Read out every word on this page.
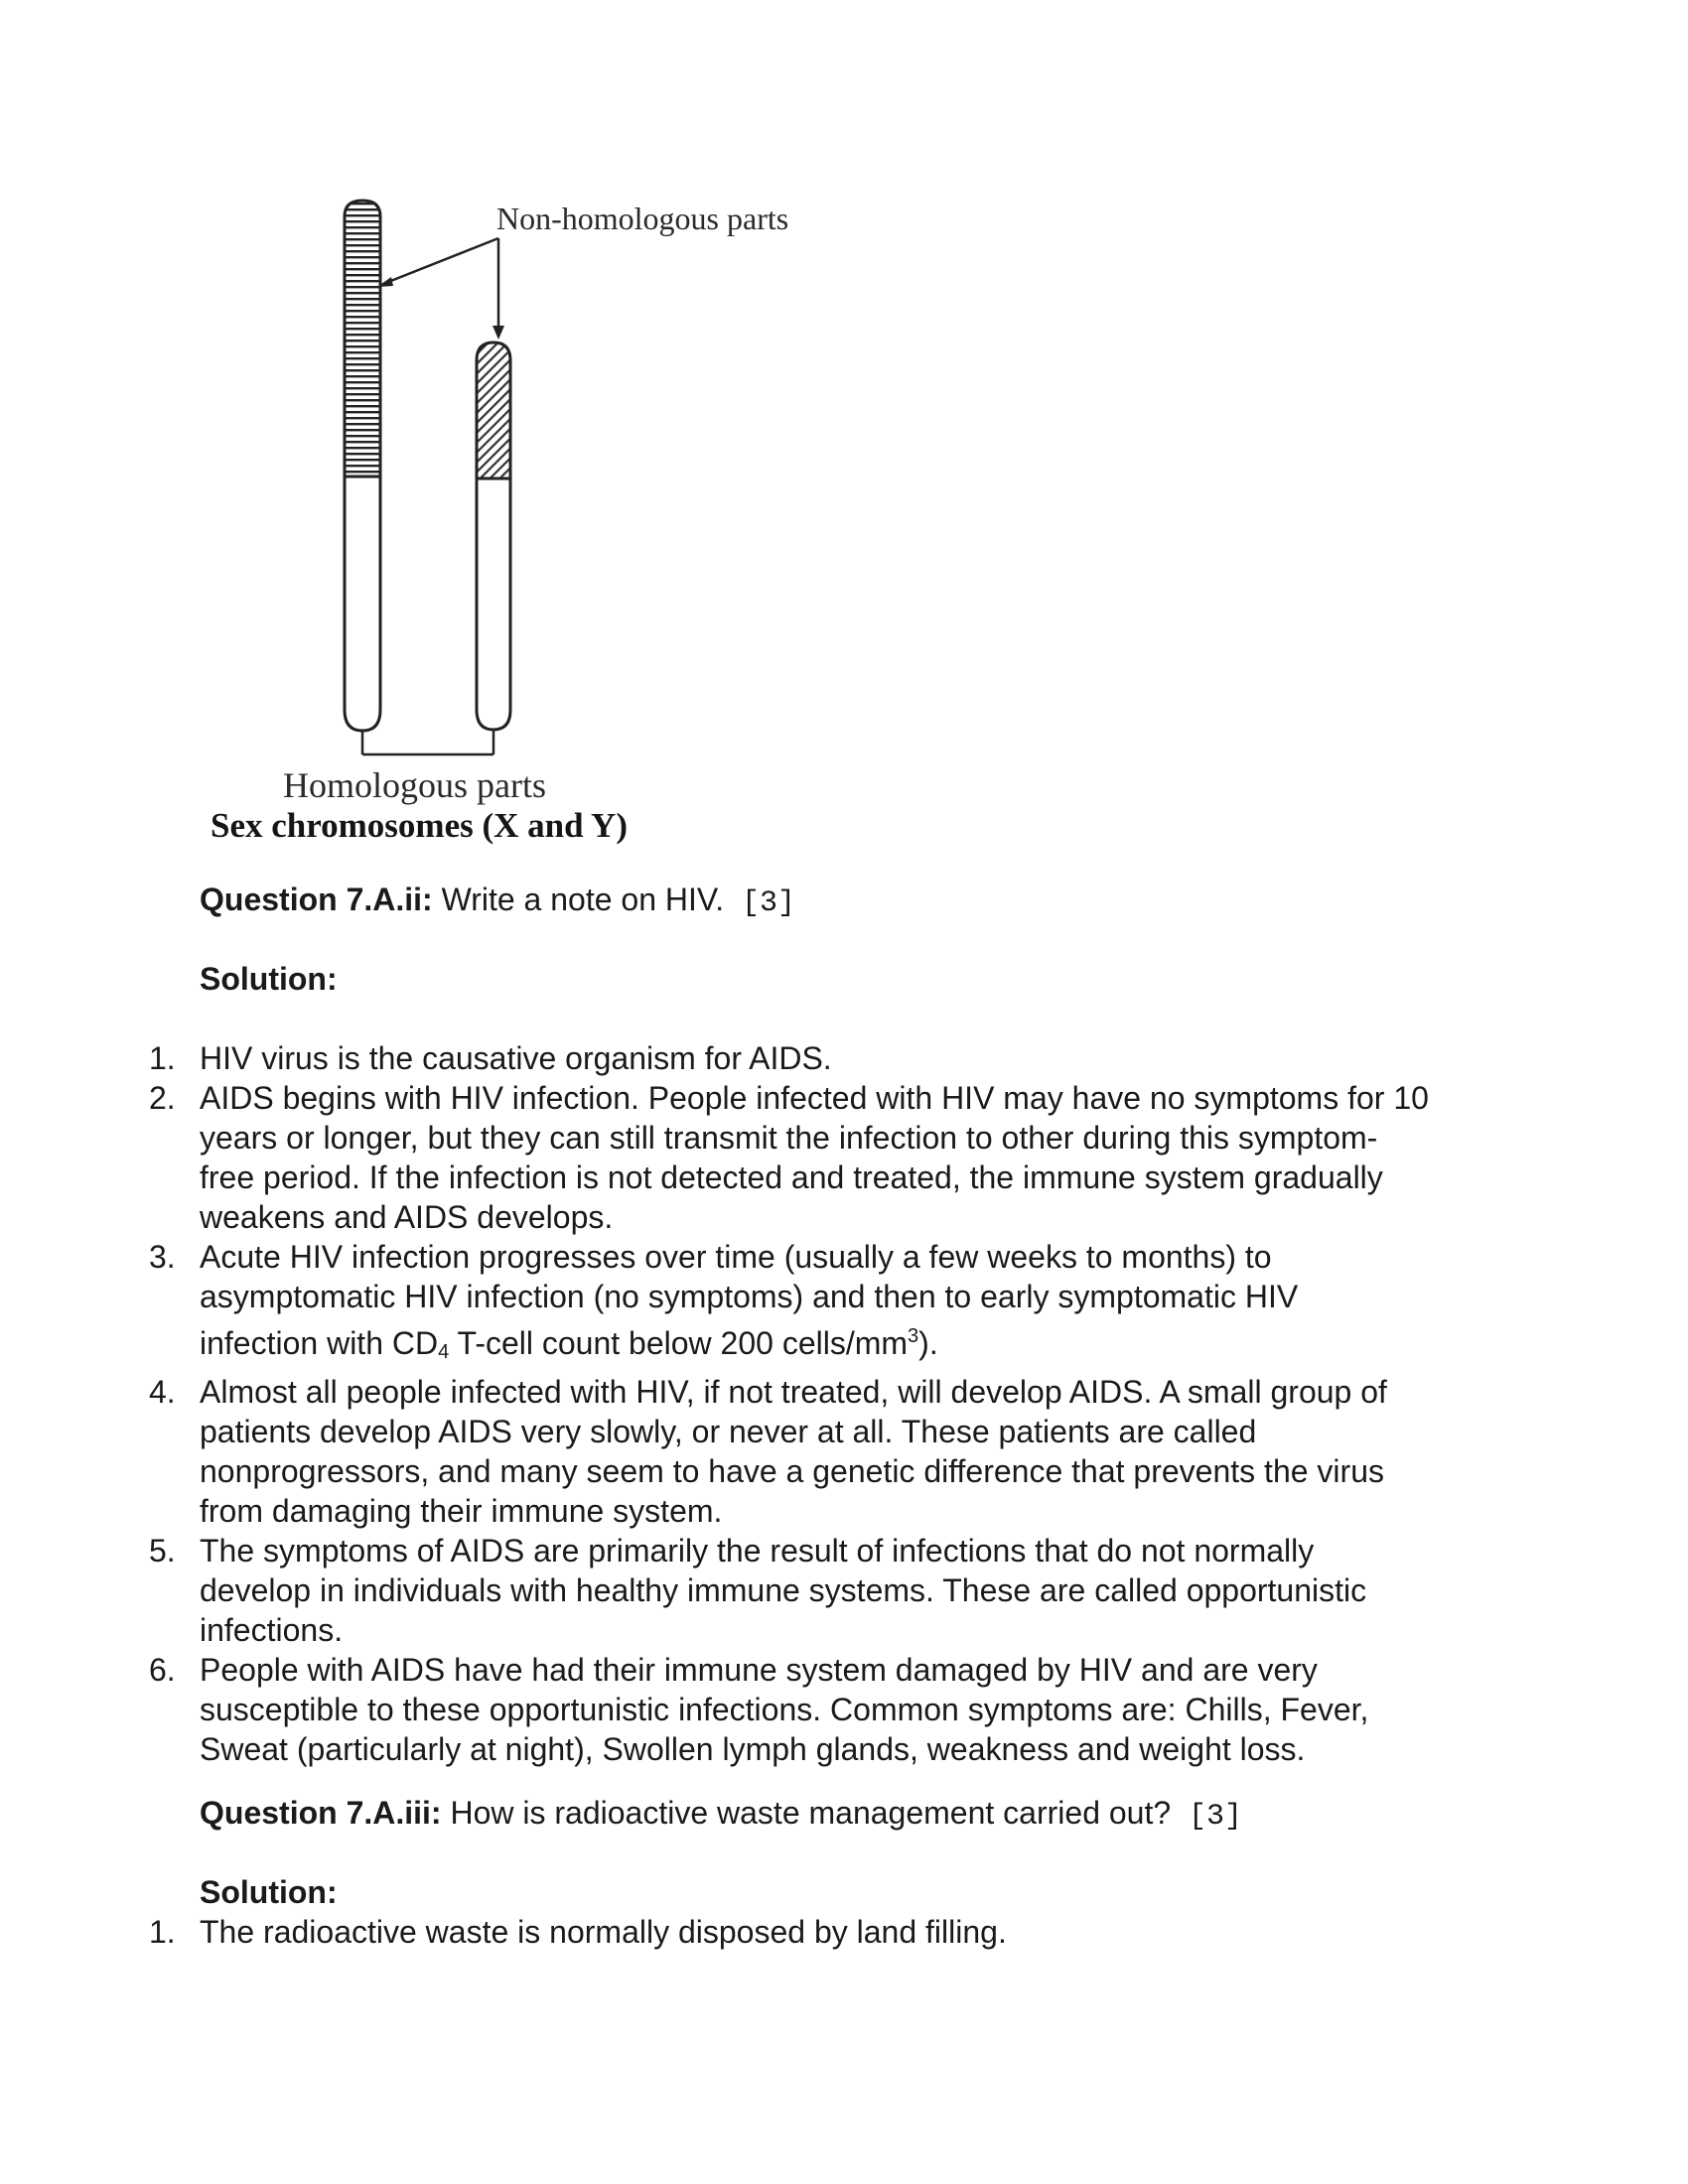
Non-homologous parts
Homologous parts
Sex chromosomes (X and Y)
Question 7.A.ii: Write a note on HIV. [3]
Solution:
1. HIV virus is the causative organism for AIDS.
2. AIDS begins with HIV infection. People infected with HIV may have no symptoms for 10
years or longer, but they can still transmit the infection to other during this symptom-
free period. If the infection is not detected and treated, the immune system gradually
weakens and AIDS develops.
3. Acute HIV infection progresses over time (usually a few weeks to months) to
asymptomatic HIV infection (no symptoms) and then to early symptomatic HIV
infection with $CD_4$ T-cell count below 200 cells/$mm^3$).
4. Almost all people infected with HIV, if not treated, will develop AIDS. A small group of
patients develop AIDS very slowly, or never at all. These patients are called
nonprogressors, and many seem to have a genetic difference that prevents the virus
from damaging their immune system.
5. The symptoms of AIDS are primarily the result of infections that do not normally
develop in individuals with healthy immune systems. These are called opportunistic
infections.
6. People with AIDS have had their immune system damaged by HIV and are very
susceptible to these opportunistic infections. Common symptoms are: Chills, Fever,
Sweat (particularly at night), Swollen lymph glands, weakness and weight loss.
Question 7.A.iii: How is radioactive waste management carried out? [3]
Solution:
1. The radioactive waste is normally disposed by land filling.
